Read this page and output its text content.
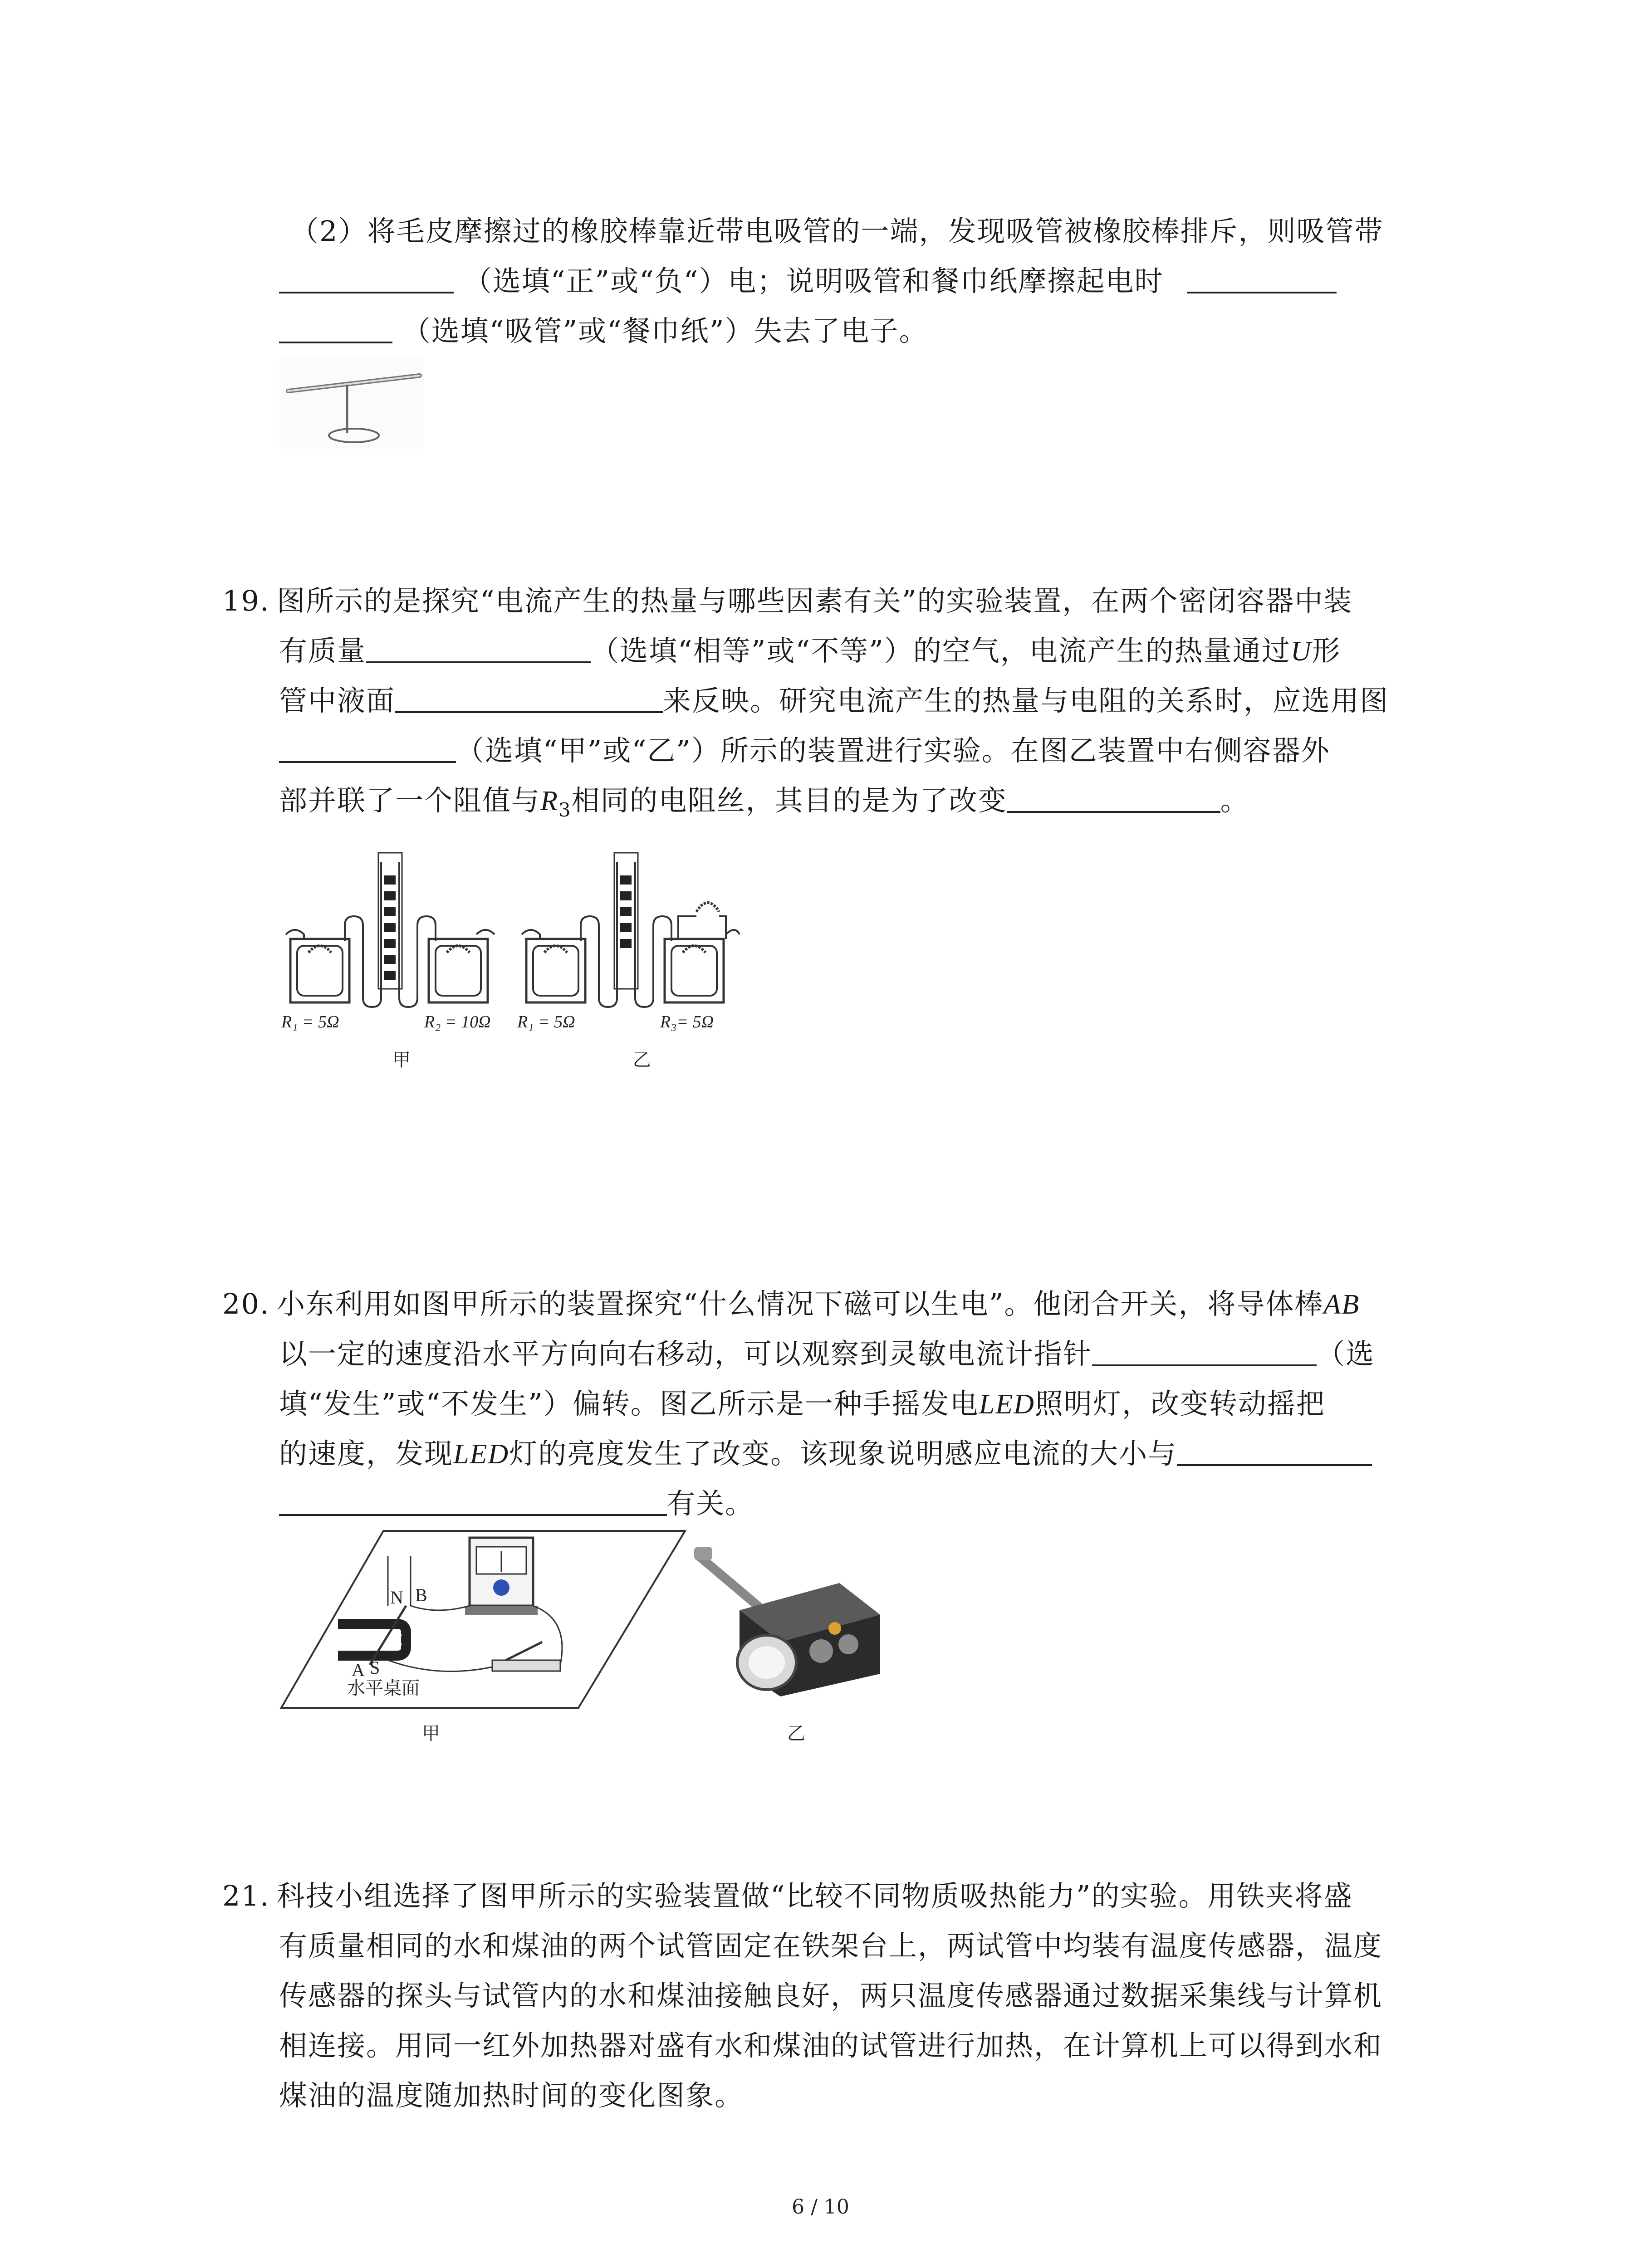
（2）将毛皮摩擦过的橡胶棒靠近带电吸管的一端，发现吸管被橡胶棒排斥，则吸管带
（选填“正”或“负“）电；说明吸管和餐巾纸摩擦起电时
（选填“吸管”或“餐巾纸”）失去了电子。
19. 图所示的是探究“电流产生的热量与哪些因素有关”的实验装置，在两个密闭容器中装
有质量	（选填“相等”或“不等”）的空气，电流产生的热量通过U形
管中液面	来反映。研究电流产生的热量与电阻的关系时，应选用图
（选填“甲”或“乙”）所示的装置进行实验。在图乙装置中右侧容器外
部并联了一个阻值与$R_3$相同的电阻丝，其目的是为了改变	。
R₁ = 5Ω	R₂ = 10Ω R₁ = 5Ω	R₃= 5Ω
甲	乙
20. 小东利用如图甲所示的装置探究“什么情况下磁可以生电”。他闭合开关，将导体棒AB
以一定的速度沿水平方向向右移动，可以观察到灵敏电流计指针	（选
填“发生”或“不发生”）偏转。图乙所示是一种手摇发电LED照明灯，改变转动摇把
的速度，发现LED灯的亮度发生了改变。该现象说明感应电流的大小与
有关。
N B
A S
水平桌面
甲	乙
21. 科技小组选择了图甲所示的实验装置做“比较不同物质吸热能力”的实验。用铁夹将盛
有质量相同的水和煤油的两个试管固定在铁架台上，两试管中均装有温度传感器，温度
传感器的探头与试管内的水和煤油接触良好，两只温度传感器通过数据采集线与计算机
相连接。用同一红外加热器对盛有水和煤油的试管进行加热，在计算机上可以得到水和
煤油的温度随加热时间的变化图象。
6 / 10
